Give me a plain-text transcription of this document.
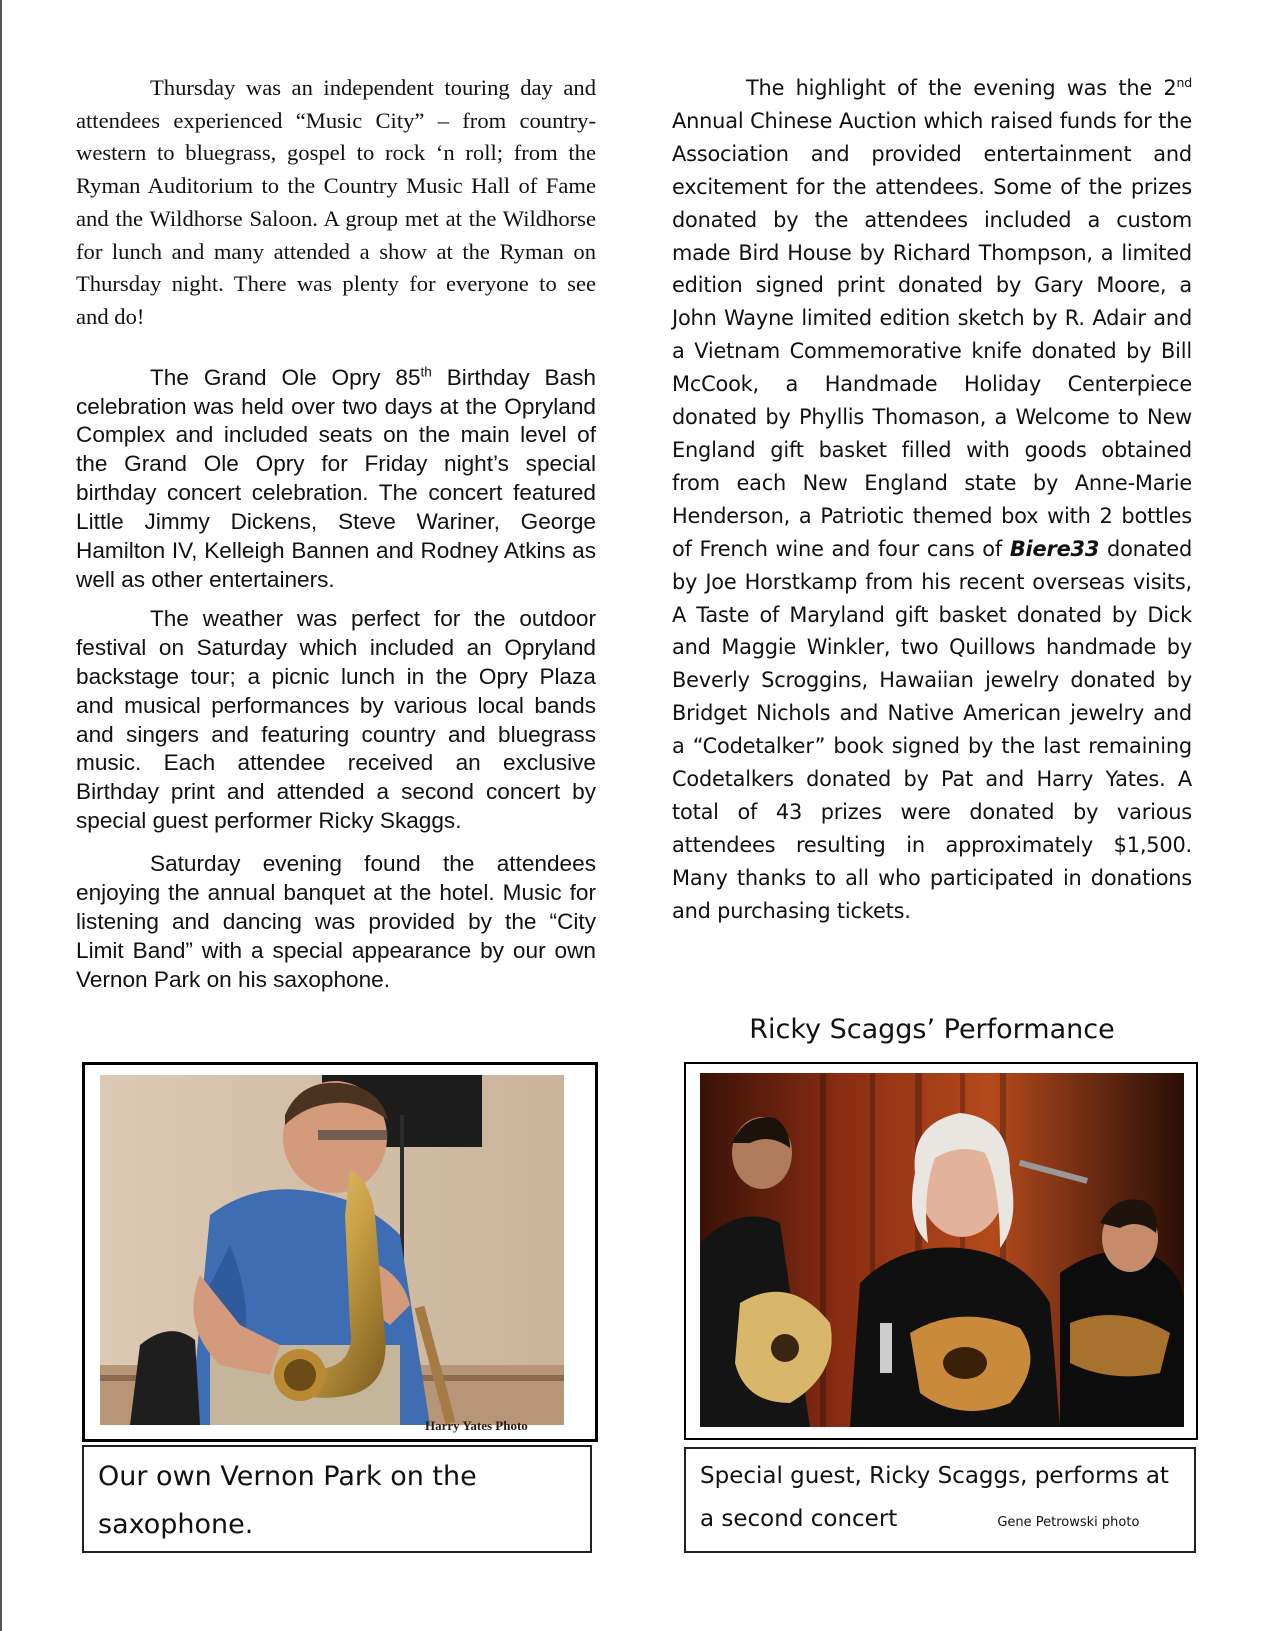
Thursday was an independent touring day and attendees experienced “Music City” – from country-western to bluegrass, gospel to rock ‘n roll; from the Ryman Auditorium to the Country Music Hall of Fame and the Wildhorse Saloon. A group met at the Wildhorse for lunch and many attended a show at the Ryman on Thursday night. There was plenty for everyone to see and do!

The Grand Ole Opry 85th Birthday Bash celebration was held over two days at the Opryland Complex and included seats on the main level of the Grand Ole Opry for Friday night’s special birthday concert celebration. The concert featured Little Jimmy Dickens, Steve Wariner, George Hamilton IV, Kelleigh Bannen and Rodney Atkins as well as other entertainers.

The weather was perfect for the outdoor festival on Saturday which included an Opryland backstage tour; a picnic lunch in the Opry Plaza and musical performances by various local bands and singers and featuring country and bluegrass music. Each attendee received an exclusive Birthday print and attended a second concert by special guest performer Ricky Skaggs.

Saturday evening found the attendees enjoying the annual banquet at the hotel. Music for listening and dancing was provided by the “City Limit Band” with a special appearance by our own Vernon Park on his saxophone.

The highlight of the evening was the 2nd Annual Chinese Auction which raised funds for the Association and provided entertainment and excitement for the attendees. Some of the prizes donated by the attendees included a custom made Bird House by Richard Thompson, a limited edition signed print donated by Gary Moore, a John Wayne limited edition sketch by R. Adair and a Vietnam Commemorative knife donated by Bill McCook, a Handmade Holiday Centerpiece donated by Phyllis Thomason, a Welcome to New England gift basket filled with goods obtained from each New England state by Anne-Marie Henderson, a Patriotic themed box with 2 bottles of French wine and four cans of Biere33 donated by Joe Horstkamp from his recent overseas visits, A Taste of Maryland gift basket donated by Dick and Maggie Winkler, two Quillows handmade by Beverly Scroggins, Hawaiian jewelry donated by Bridget Nichols and Native American jewelry and a “Codetalker” book signed by the last remaining Codetalkers donated by Pat and Harry Yates. A total of 43 prizes were donated by various attendees resulting in approximately $1,500. Many thanks to all who participated in donations and purchasing tickets.

Harry Yates Photo
Our own Vernon Park on the saxophone.
Ricky Scaggs’ Performance
Special guest, Ricky Scaggs, performs at
a second concert	Gene Petrowski photo
